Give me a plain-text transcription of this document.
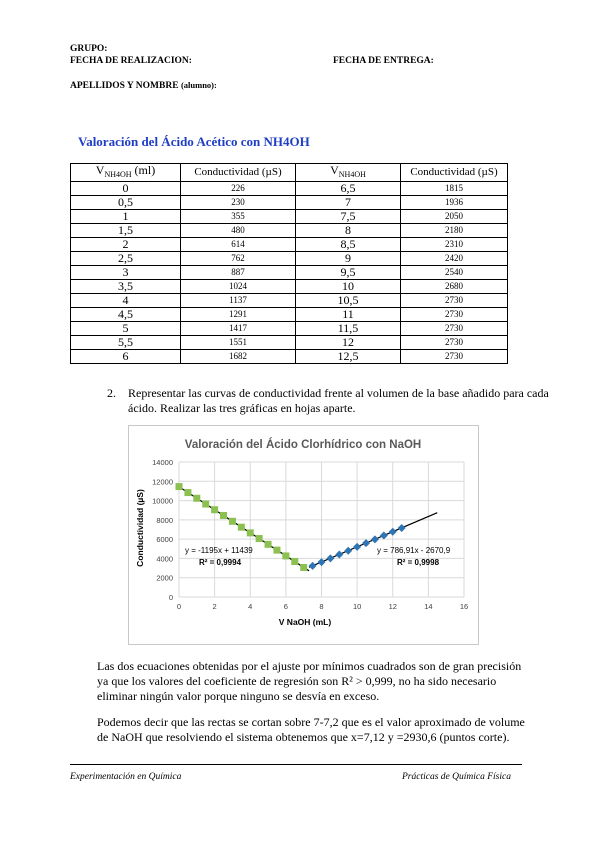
GRUPO:
FECHA DE REALIZACION:	FECHA DE ENTREGA:
APELLIDOS Y NOMBRE (alumno):
Valoración del Ácido Acético con NH4OH
$V_{NH4OH}$ (ml)	Conductividad (µS)	$V_{NH4OH}$	Conductividad (µS)
0	226	6,5	1815
0,5	230	7	1936
1	355	7,5	2050
1,5	480	8	2180
2	614	8,5	2310
2,5	762	9	2420
3	887	9,5	2540
3,5	1024	10	2680
4	1137	10,5	2730
4,5	1291	11	2730
5	1417	11,5	2730
5,5	1551	12	2730
6	1682	12,5	2730
2. Representar las curvas de conductividad frente al volumen de la base añadido para cada
ácido. Realizar las tres gráficas en hojas aparte.
Valoración del Ácido Clorhídrico con NaOH
V NaOH (mL)
Conductividad (µS)
0
2000
4000
6000
8000
10000
12000
14000
0	2	4	6	8	10	12	14	16
y = -1195x + 11439
R² = 0,9994
y = 786,91x - 2670,9
R² = 0,9998
Las dos ecuaciones obtenidas por el ajuste por mínimos cuadrados son de gran precisión
ya que los valores del coeficiente de regresión son R² > 0,999, no ha sido necesario
eliminar ningún valor porque ninguno se desvía en exceso.
Podemos decir que las rectas se cortan sobre 7-7,2 que es el valor aproximado de volume
de NaOH que resolviendo el sistema obtenemos que x=7,12 y =2930,6 (puntos corte).
Experimentación en Química	Prácticas de Química Física
